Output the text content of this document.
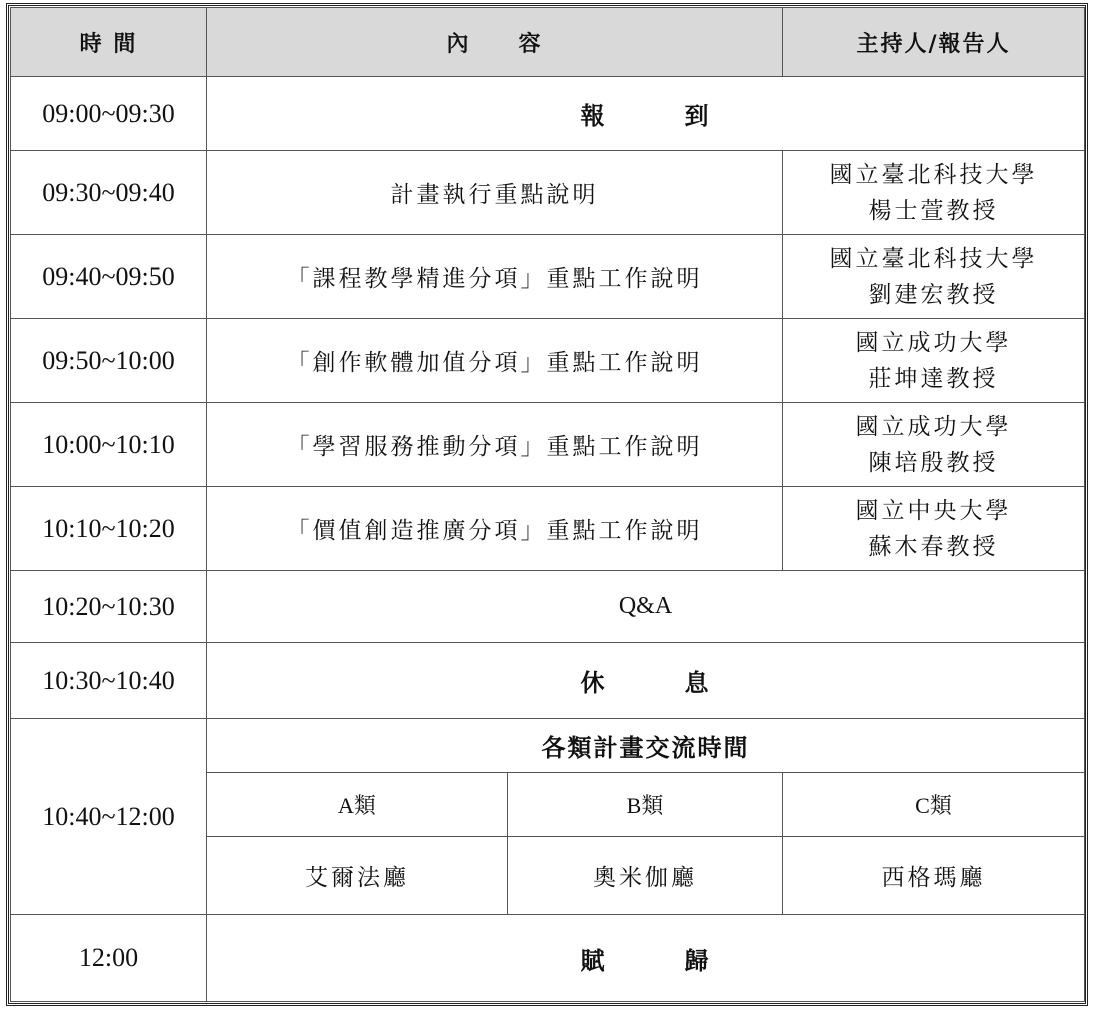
時 間	內　　容		主持人/報告人
09:00~09:30	報　　　到		
09:30~09:40	計畫執行重點說明		國立臺北科技大學
楊士萱教授

09:40~09:50	「課程教學精進分項」重點工作說明		國立臺北科技大學
劉建宏教授

09:50~10:00	「創作軟體加值分項」重點工作說明		國立成功大學
莊坤達教授

10:00~10:10	「學習服務推動分項」重點工作說明		國立成功大學
陳培殷教授

10:10~10:20	「價值創造推廣分項」重點工作說明		國立中央大學
蘇木春教授

10:20~10:30	Q&A		
10:30~10:40	休　　　息		
10:40~12:00	各類計畫交流時間		
	A類	B類	C類
	艾爾法廳	奧米伽廳	西格瑪廳
12:00	賦　　　歸		
